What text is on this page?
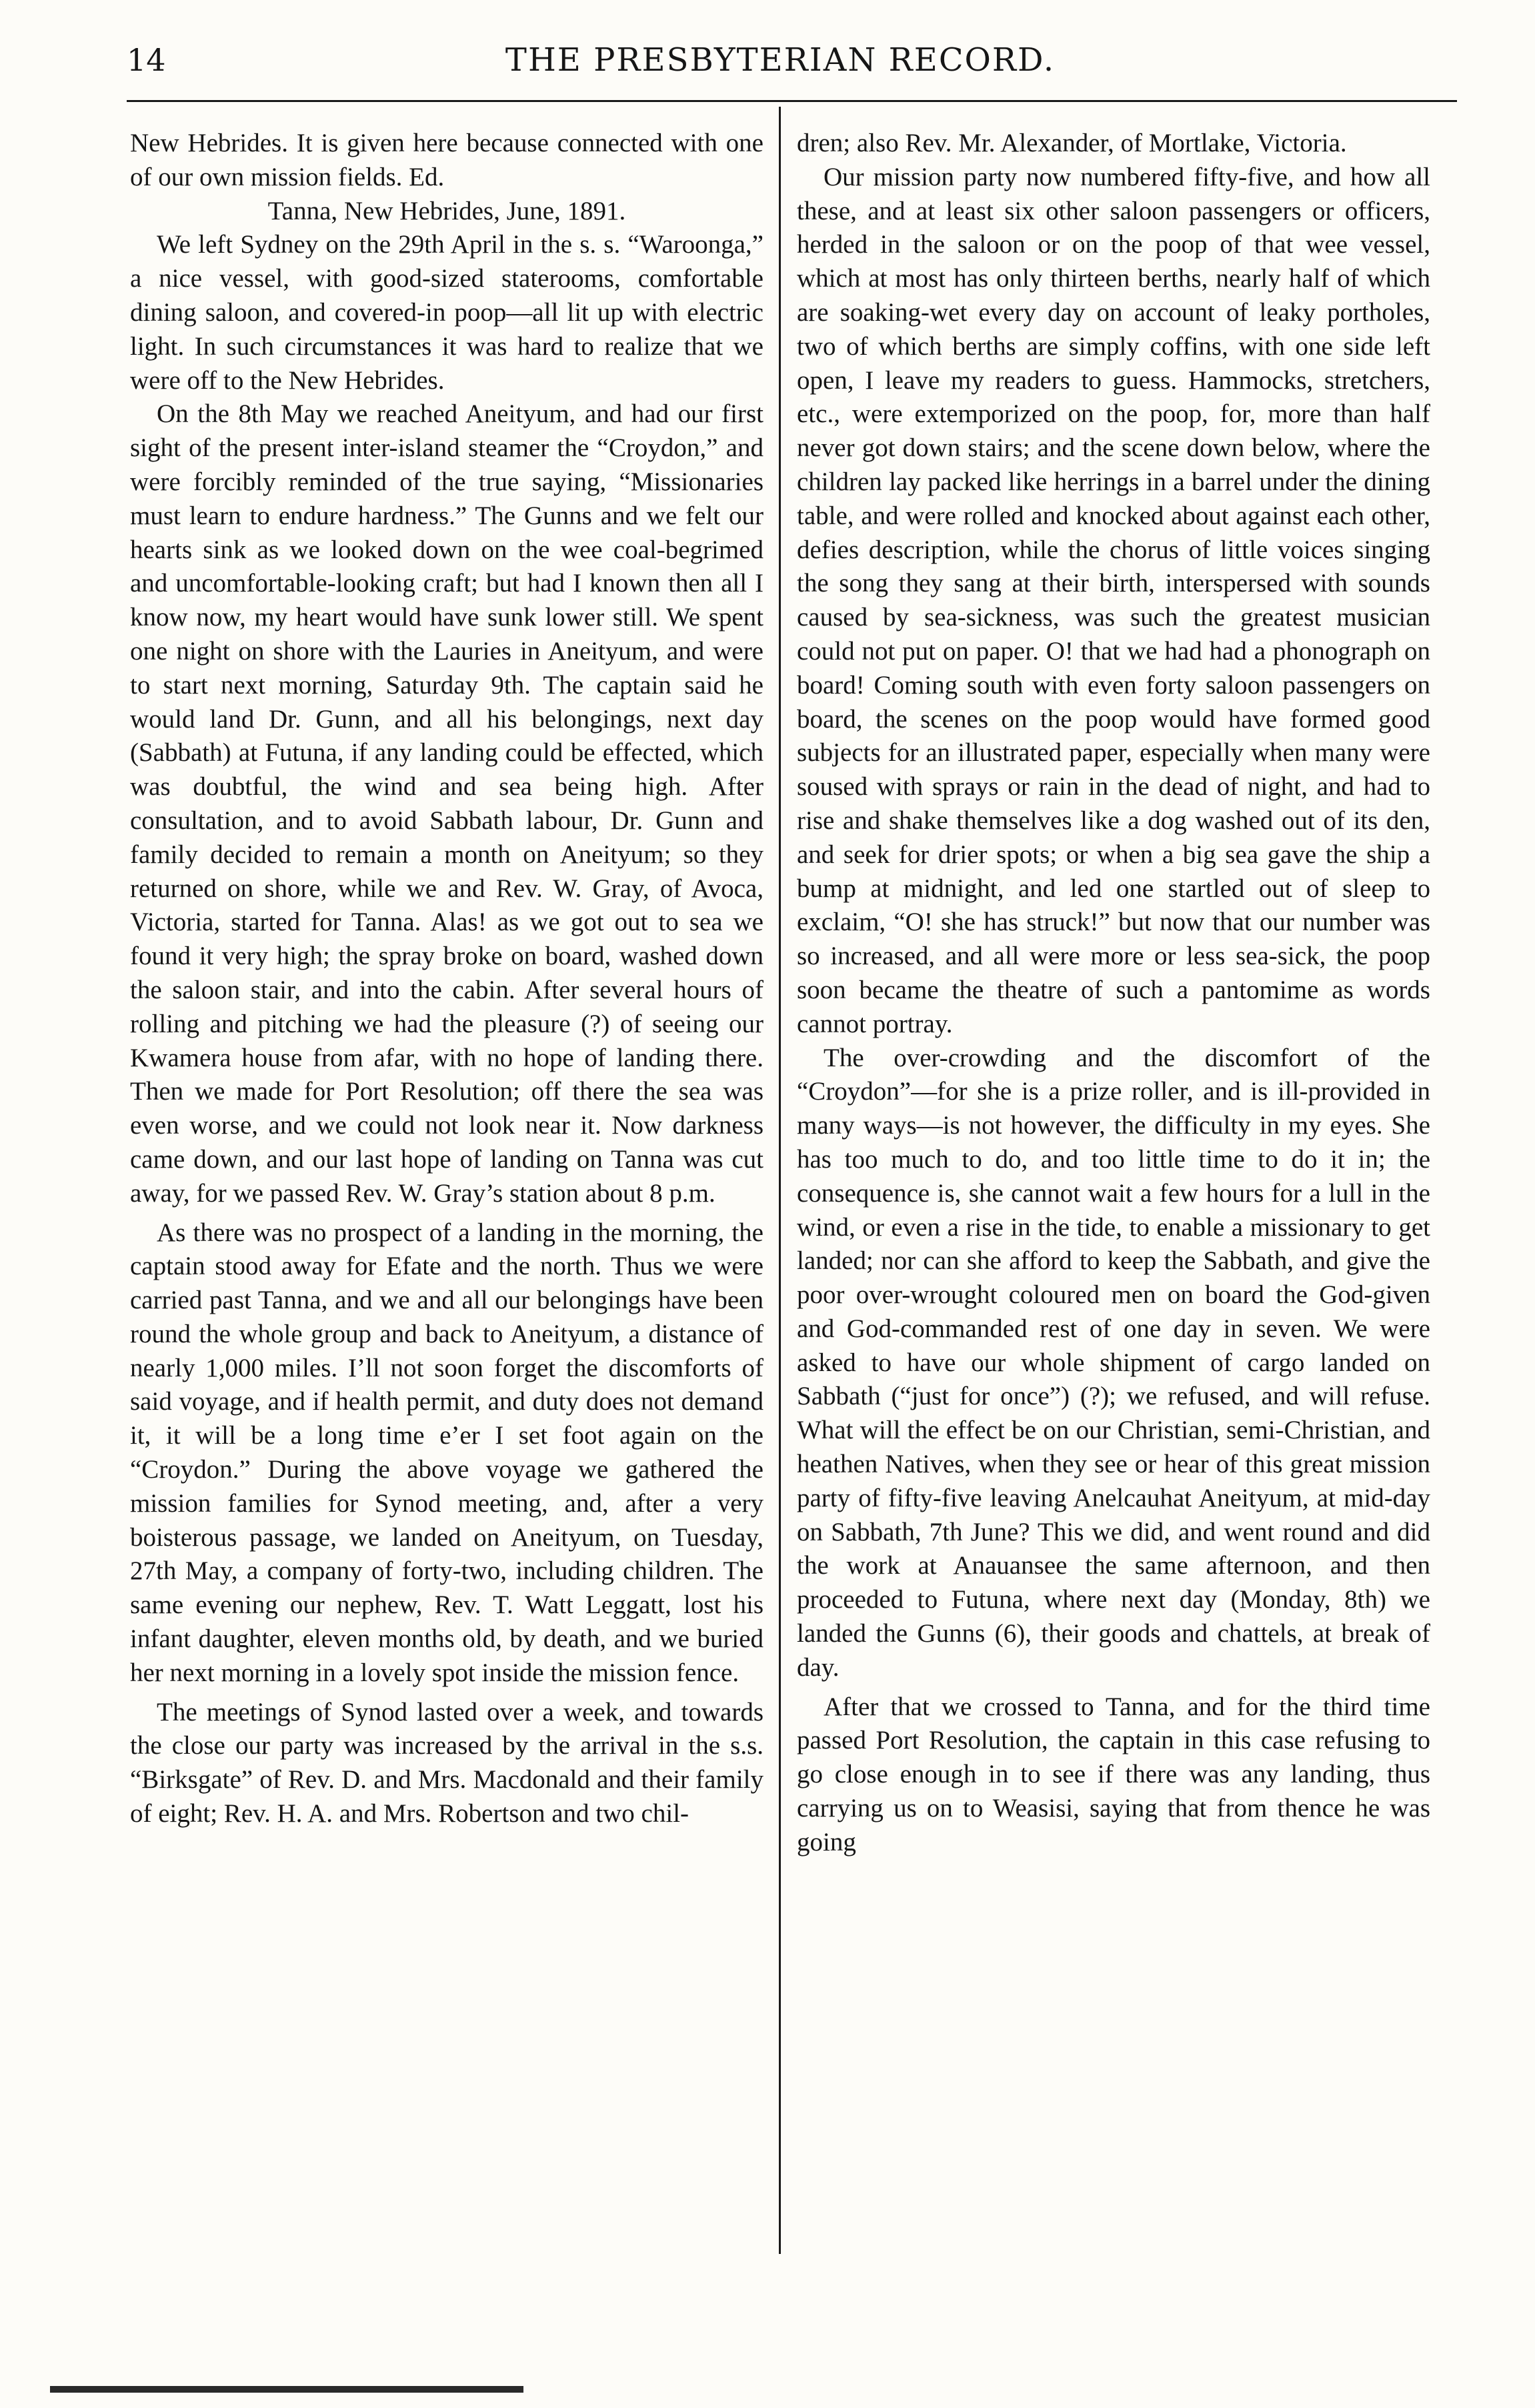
14	THE PRESBYTERIAN RECORD.

New Hebrides. It is given here because connected with one of our own mission fields. Ed.

Tanna, New Hebrides, June, 1891.

We left Sydney on the 29th April in the s. s. “Waroonga,” a nice vessel, with good-sized staterooms, comfortable dining saloon, and covered-in poop—all lit up with electric light. In such circumstances it was hard to realize that we were off to the New Hebrides.

On the 8th May we reached Aneityum, and had our first sight of the present inter-island steamer the “Croydon,” and were forcibly reminded of the true saying, “Missionaries must learn to endure hardness.” The Gunns and we felt our hearts sink as we looked down on the wee coal-begrimed and uncomfortable-looking craft; but had I known then all I know now, my heart would have sunk lower still. We spent one night on shore with the Lauries in Aneityum, and were to start next morning, Saturday 9th. The captain said he would land Dr. Gunn, and all his belongings, next day (Sabbath) at Futuna, if any landing could be effected, which was doubtful, the wind and sea being high. After consultation, and to avoid Sabbath labour, Dr. Gunn and family decided to remain a month on Aneityum; so they returned on shore, while we and Rev. W. Gray, of Avoca, Victoria, started for Tanna. Alas! as we got out to sea we found it very high; the spray broke on board, washed down the saloon stair, and into the cabin. After several hours of rolling and pitching we had the pleasure (?) of seeing our Kwamera house from afar, with no hope of landing there. Then we made for Port Resolution; off there the sea was even worse, and we could not look near it. Now darkness came down, and our last hope of landing on Tanna was cut away, for we passed Rev. W. Gray’s station about 8 p.m.

As there was no prospect of a landing in the morning, the captain stood away for Efate and the north. Thus we were carried past Tanna, and we and all our belongings have been round the whole group and back to Aneityum, a distance of nearly 1,000 miles. I’ll not soon forget the discomforts of said voyage, and if health permit, and duty does not demand it, it will be a long time e’er I set foot again on the “Croydon.” During the above voyage we gathered the mission families for Synod meeting, and, after a very boisterous passage, we landed on Aneityum, on Tuesday, 27th May, a company of forty-two, including children. The same evening our nephew, Rev. T. Watt Leggatt, lost his infant daughter, eleven months old, by death, and we buried her next morning in a lovely spot inside the mission fence.

The meetings of Synod lasted over a week, and towards the close our party was increased by the arrival in the s.s. “Birksgate” of Rev. D. and Mrs. Macdonald and their family of eight; Rev. H. A. and Mrs. Robertson and two chil-

dren; also Rev. Mr. Alexander, of Mortlake, Victoria.

Our mission party now numbered fifty-five, and how all these, and at least six other saloon passengers or officers, herded in the saloon or on the poop of that wee vessel, which at most has only thirteen berths, nearly half of which are soaking-wet every day on account of leaky portholes, two of which berths are simply coffins, with one side left open, I leave my readers to guess. Hammocks, stretchers, etc., were extemporized on the poop, for, more than half never got down stairs; and the scene down below, where the children lay packed like herrings in a barrel under the dining table, and were rolled and knocked about against each other, defies description, while the chorus of little voices singing the song they sang at their birth, interspersed with sounds caused by sea-sickness, was such the greatest musician could not put on paper. O! that we had had a phonograph on board! Coming south with even forty saloon passengers on board, the scenes on the poop would have formed good subjects for an illustrated paper, especially when many were soused with sprays or rain in the dead of night, and had to rise and shake themselves like a dog washed out of its den, and seek for drier spots; or when a big sea gave the ship a bump at midnight, and led one startled out of sleep to exclaim, “O! she has struck!” but now that our number was so increased, and all were more or less sea-sick, the poop soon became the theatre of such a pantomime as words cannot portray.

The over-crowding and the discomfort of the “Croydon”—for she is a prize roller, and is ill-provided in many ways—is not however, the difficulty in my eyes. She has too much to do, and too little time to do it in; the consequence is, she cannot wait a few hours for a lull in the wind, or even a rise in the tide, to enable a missionary to get landed; nor can she afford to keep the Sabbath, and give the poor over-wrought coloured men on board the God-given and God-commanded rest of one day in seven. We were asked to have our whole shipment of cargo landed on Sabbath (“just for once”) (?); we refused, and will refuse. What will the effect be on our Christian, semi-Christian, and heathen Natives, when they see or hear of this great mission party of fifty-five leaving Anelcauhat Aneityum, at mid-day on Sabbath, 7th June? This we did, and went round and did the work at Anauansee the same afternoon, and then proceeded to Futuna, where next day (Monday, 8th) we landed the Gunns (6), their goods and chattels, at break of day.

After that we crossed to Tanna, and for the third time passed Port Resolution, the captain in this case refusing to go close enough in to see if there was any landing, thus carrying us on to Weasisi, saying that from thence he was going
